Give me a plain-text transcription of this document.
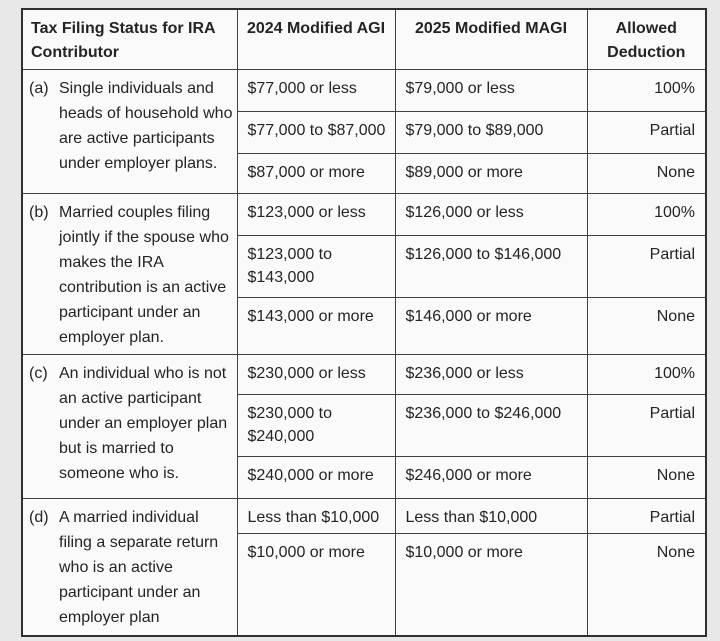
Tax Filing Status for IRA Contributor	2024 Modified AGI	2025 Modified MAGI	Allowed Deduction

(a) Single individuals and heads of household who are active participants under employer plans.	$77,000 or less	$79,000 or less	100%
	$77,000 to $87,000	$79,000 to $89,000	Partial
	$87,000 or more	$89,000 or more	None

(b) Married couples filing jointly if the spouse who makes the IRA contribution is an active participant under an employer plan.	$123,000 or less	$126,000 or less	100%
	$123,000 to $143,000	$126,000 to $146,000	Partial
	$143,000 or more	$146,000 or more	None

(c) An individual who is not an active participant under an employer plan but is married to someone who is.	$230,000 or less	$236,000 or less	100%
	$230,000 to $240,000	$236,000 to $246,000	Partial
	$240,000 or more	$246,000 or more	None

(d) A married individual filing a separate return who is an active participant under an employer plan	Less than $10,000	Less than $10,000	Partial
	$10,000 or more	$10,000 or more	None
